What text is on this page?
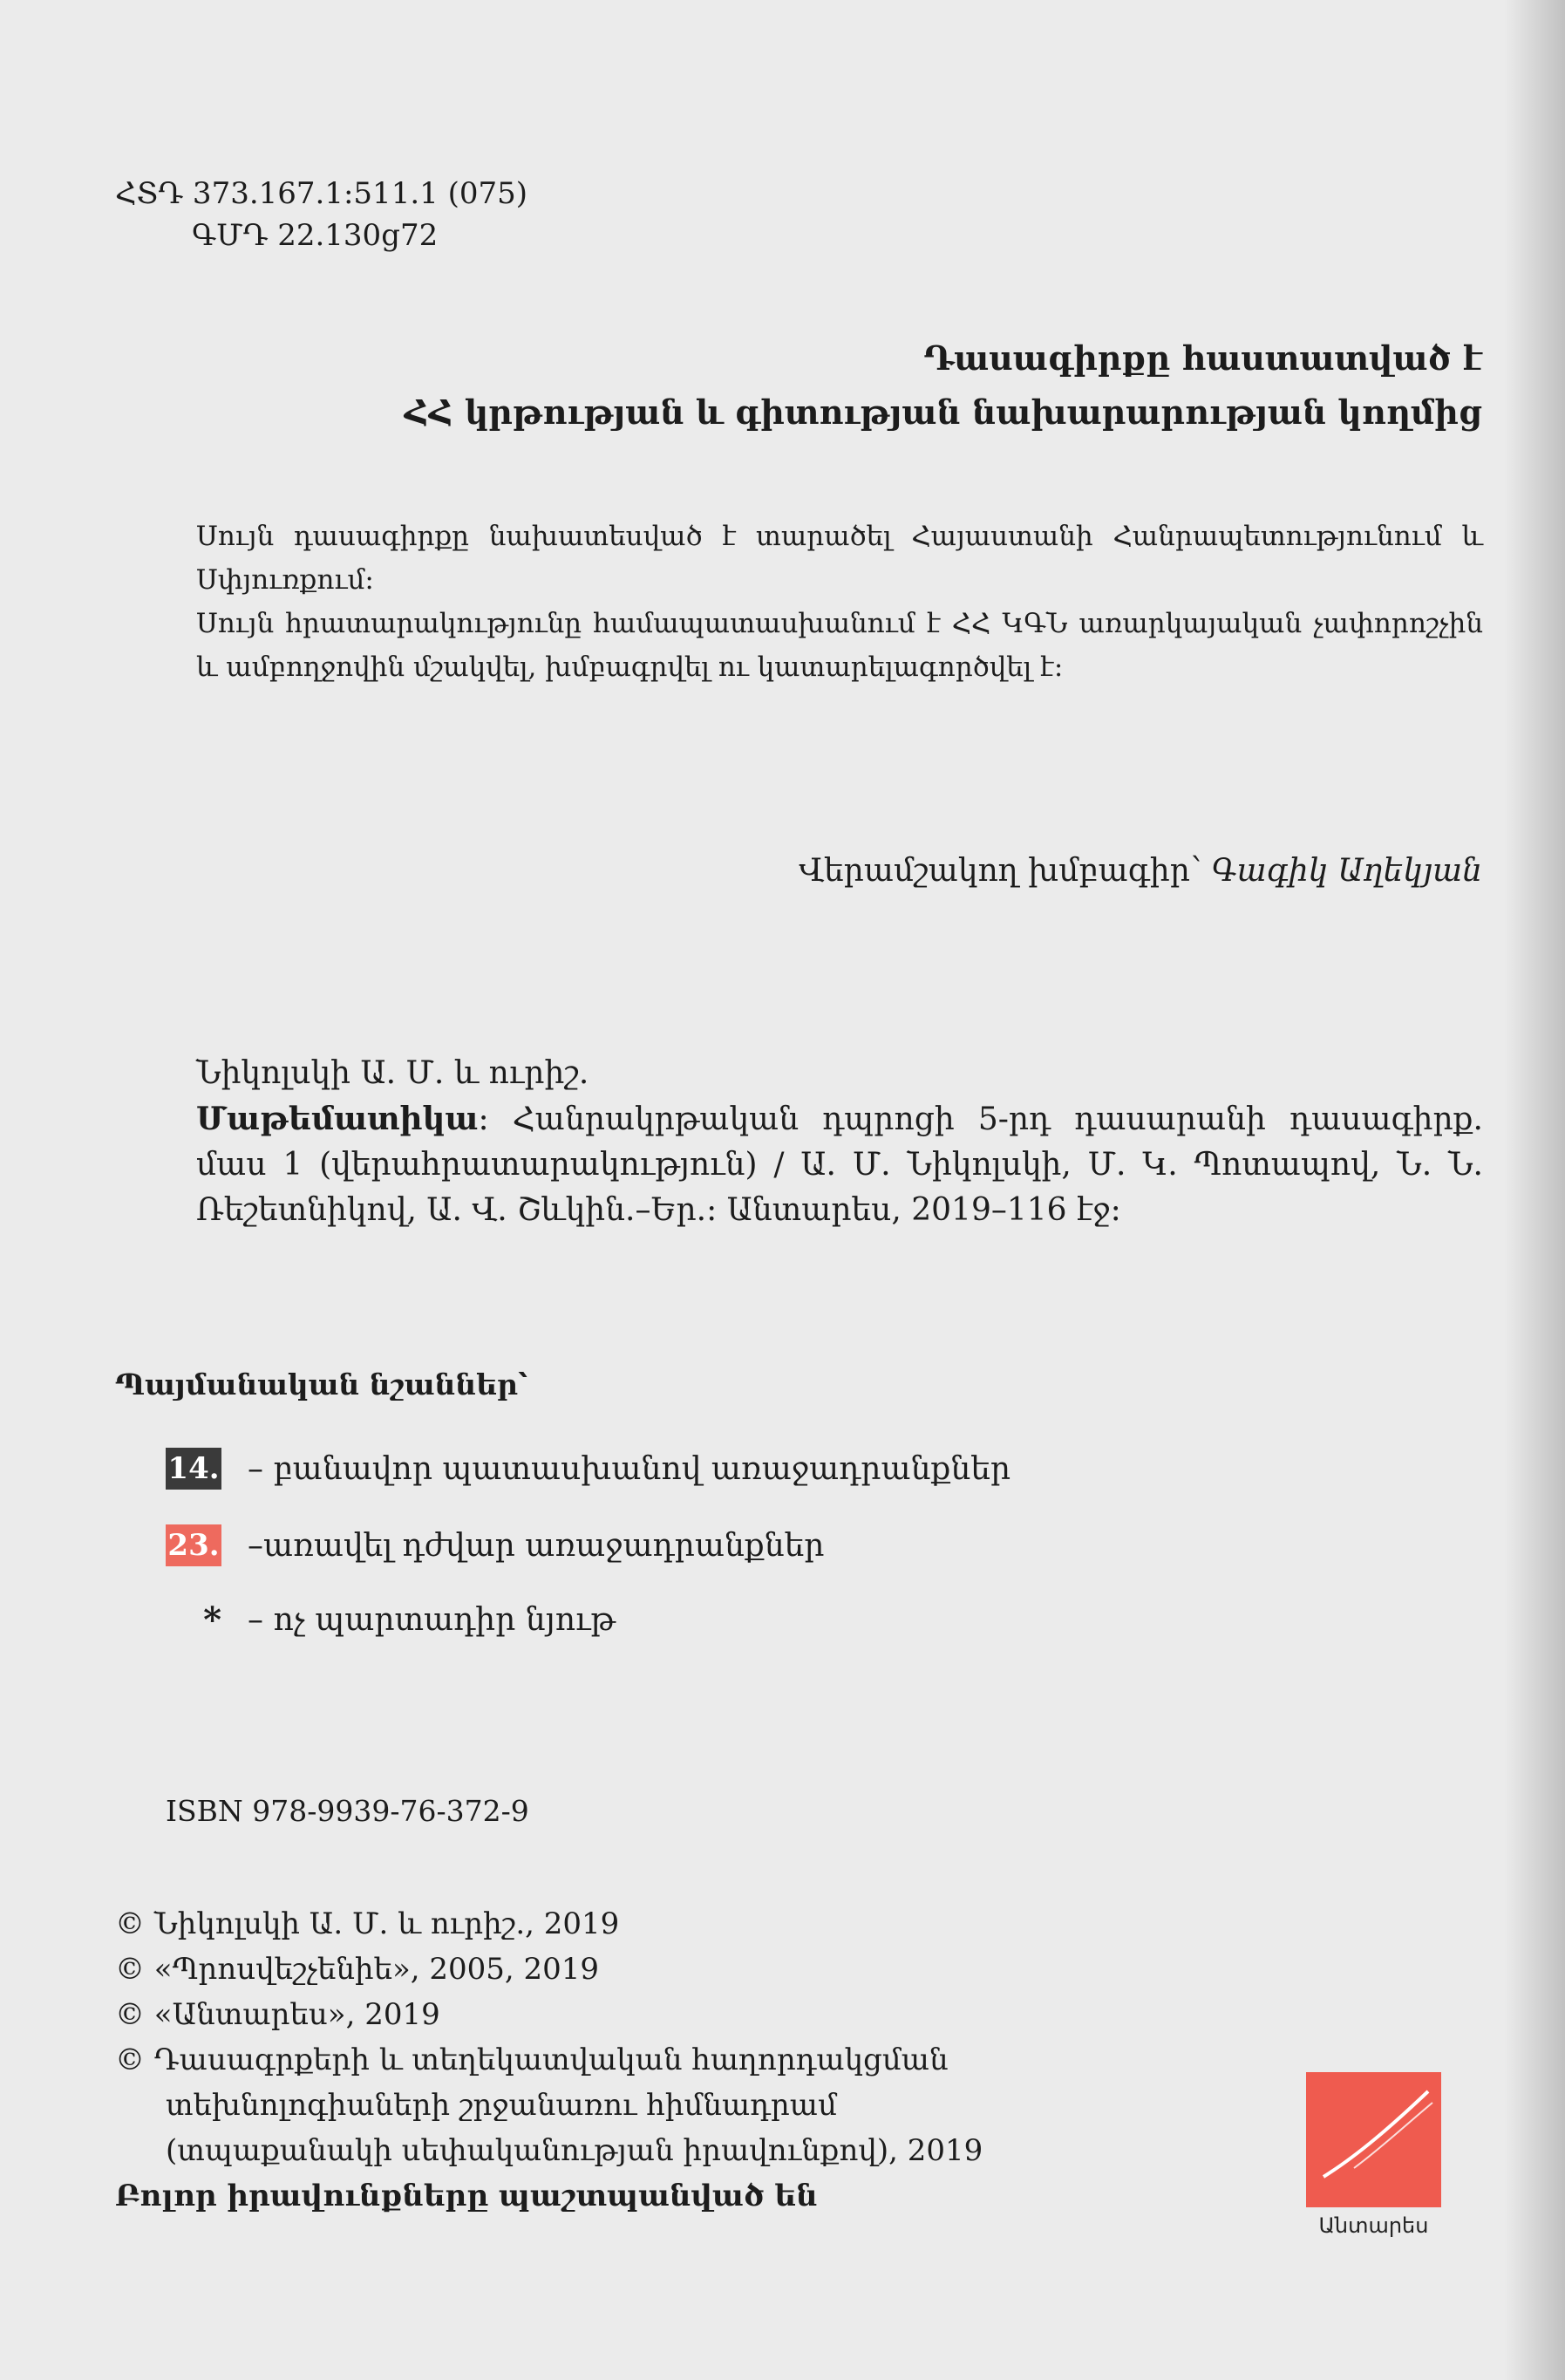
ՀՏԴ 373.167.1:511.1 (075)
ԳՄԴ 22.130ց72
Դասագիրքը հաստատված է
ՀՀ կրթության և գիտության նախարարության կողմից

Սույն դասագիրքը նախատեսված է տարածել Հայաստանի Հանրապետությունում և Սփյուռքում:

Սույն հրատարակությունը համապատասխանում է ՀՀ ԿԳՆ առարկայական չափորոշչին և ամբողջովին մշակվել, խմբագրվել ու կատարելագործվել է:

Վերամշակող խմբագիր՝ Գագիկ Աղեկյան

Նիկոլսկի Ա. Մ. և ուրիշ.

Մաթեմատիկա: Հանրակրթական դպրոցի 5-րդ դասարանի դասագիրք. մաս 1 (վերահրատարակություն) / Ա. Մ. Նիկոլսկի, Մ. Կ. Պոտապով, Ն. Ն. Ռեշետնիկով, Ա. Վ. Շևկին.–Եր.: Անտարես, 2019–116 էջ:

Պայմանական նշաններ՝
14. – բանավոր պատասխանով առաջադրանքներ
23. –առավել դժվար առաջադրանքներ
* – ոչ պարտադիր նյութ
ISBN 978-9939-76-372-9
© Նիկոլսկի Ա. Մ. և ուրիշ., 2019
© «Պրոսվեշչենիե», 2005, 2019
© «Անտարես», 2019
© Դասագրքերի և տեղեկատվական հաղորդակցման
տեխնոլոգիաների շրջանառու հիմնադրամ
(տպաքանակի սեփականության իրավունքով), 2019
Բոլոր իրավունքները պաշտպանված են
Անտարես
